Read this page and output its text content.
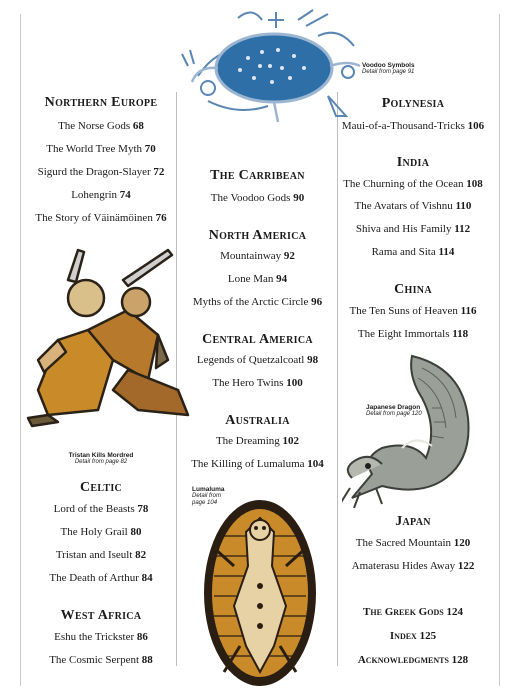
Voodoo Symbols
Detail from page 91
Northern Europe
The Norse Gods 68
The World Tree Myth 70
Sigurd the Dragon-Slayer 72
Lohengrin 74
The Story of Väinämöinen 76
Tristan Kills Mordred
Detail from page 82
Celtic
Lord of the Beasts 78
The Holy Grail 80
Tristan and Iseult 82
The Death of Arthur 84
West Africa
Eshu the Trickster 86
The Cosmic Serpent 88
The Carribean
The Voodoo Gods 90
North America
Mountainway 92
Lone Man 94
Myths of the Arctic Circle 96
Central America
Legends of Quetzalcoatl 98
The Hero Twins 100
Australia
The Dreaming 102
The Killing of Lumaluma 104
Lumaluma
Detail from
page 104
Polynesia
Maui-of-a-Thousand-Tricks 106
India
The Churning of the Ocean 108
The Avatars of Vishnu 110
Shiva and His Family 112
Rama and Sita 114
China
The Ten Suns of Heaven 116
The Eight Immortals 118
Japanese Dragon
Detail from page 120
Japan
The Sacred Mountain 120
Amaterasu Hides Away 122
The Greek Gods 124
Index 125
Acknowledgments 128
